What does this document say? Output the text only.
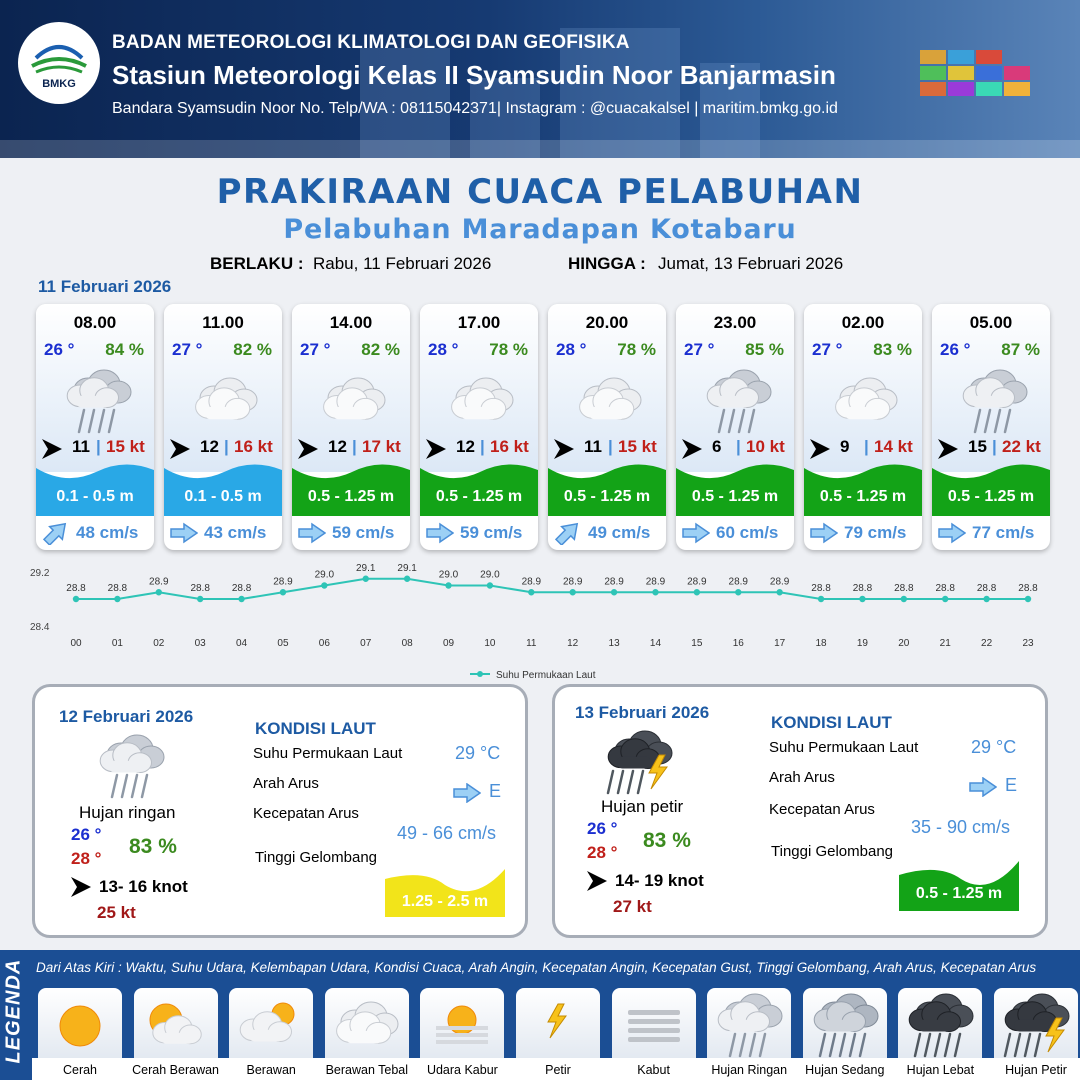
BMKG
BADAN METEOROLOGI KLIMATOLOGI DAN GEOFISIKA
Stasiun Meteorologi Kelas II Syamsudin Noor Banjarmasin
Bandara Syamsudin Noor No. Telp/WA : 08115042371| Instagram : @cuacakalsel | maritim.bmkg.go.id
PRAKIRAAN CUACA PELABUHAN
Pelabuhan Maradapan Kotabaru
BERLAKU : Rabu, 11 Februari 2026	HINGGA : Jumat, 13 Februari 2026
11 Februari 2026
08.00
26 ° 84 %
11 | 15 kt
0.1 - 0.5 m
48 cm/s
11.00
27 ° 82 %
12 | 16 kt
0.1 - 0.5 m
43 cm/s
14.00
27 ° 82 %
12 | 17 kt
0.5 - 1.25 m
59 cm/s
17.00
28 ° 78 %
12 | 16 kt
0.5 - 1.25 m
59 cm/s
20.00
28 ° 78 %
11 | 15 kt
0.5 - 1.25 m
49 cm/s
23.00
27 ° 85 %
6 | 10 kt
0.5 - 1.25 m
60 cm/s
02.00
27 ° 83 %
9 | 14 kt
0.5 - 1.25 m
79 cm/s
05.00
26 ° 87 %
15 | 22 kt
0.5 - 1.25 m
77 cm/s
29.2
28.4
28.8
00
28.8
01
28.9
02
28.8
03
28.8
04
28.9
05
29.0
06
29.1
07
29.1
08
29.0
09
29.0
10
28.9
11
28.9
12
28.9
13
28.9
14
28.9
15
28.9
16
28.9
17
28.8
18
28.8
19
28.8
20
28.8
21
28.8
22
28.8
23
Suhu Permukaan Laut
12 Februari 2026
Hujan ringan
26 °
28 °
83 %
13- 16 knot
25 kt
KONDISI LAUT
Suhu Permukaan Laut	29 °C
Arah Arus	E
Kecepatan Arus
49 - 66 cm/s
Tinggi Gelombang
1.25 - 2.5 m
13 Februari 2026
Hujan petir
26 °
28 °
83 %
14- 19 knot
27 kt
KONDISI LAUT
Suhu Permukaan Laut	29 °C
Arah Arus	E
Kecepatan Arus
35 - 90 cm/s
Tinggi Gelombang
0.5 - 1.25 m
LEGENDA Dari Atas Kiri : Waktu, Suhu Udara, Kelembapan Udara, Kondisi Cuaca, Arah Angin, Kecepatan Angin, Kecepatan Gust, Tinggi Gelombang, Arah Arus, Kecepatan Arus
Cerah	Cerah Berawan	Berawan	Berawan Tebal	Udara Kabur	Petir	Kabut	Hujan Ringan	Hujan Sedang	Hujan Lebat	Hujan Petir
